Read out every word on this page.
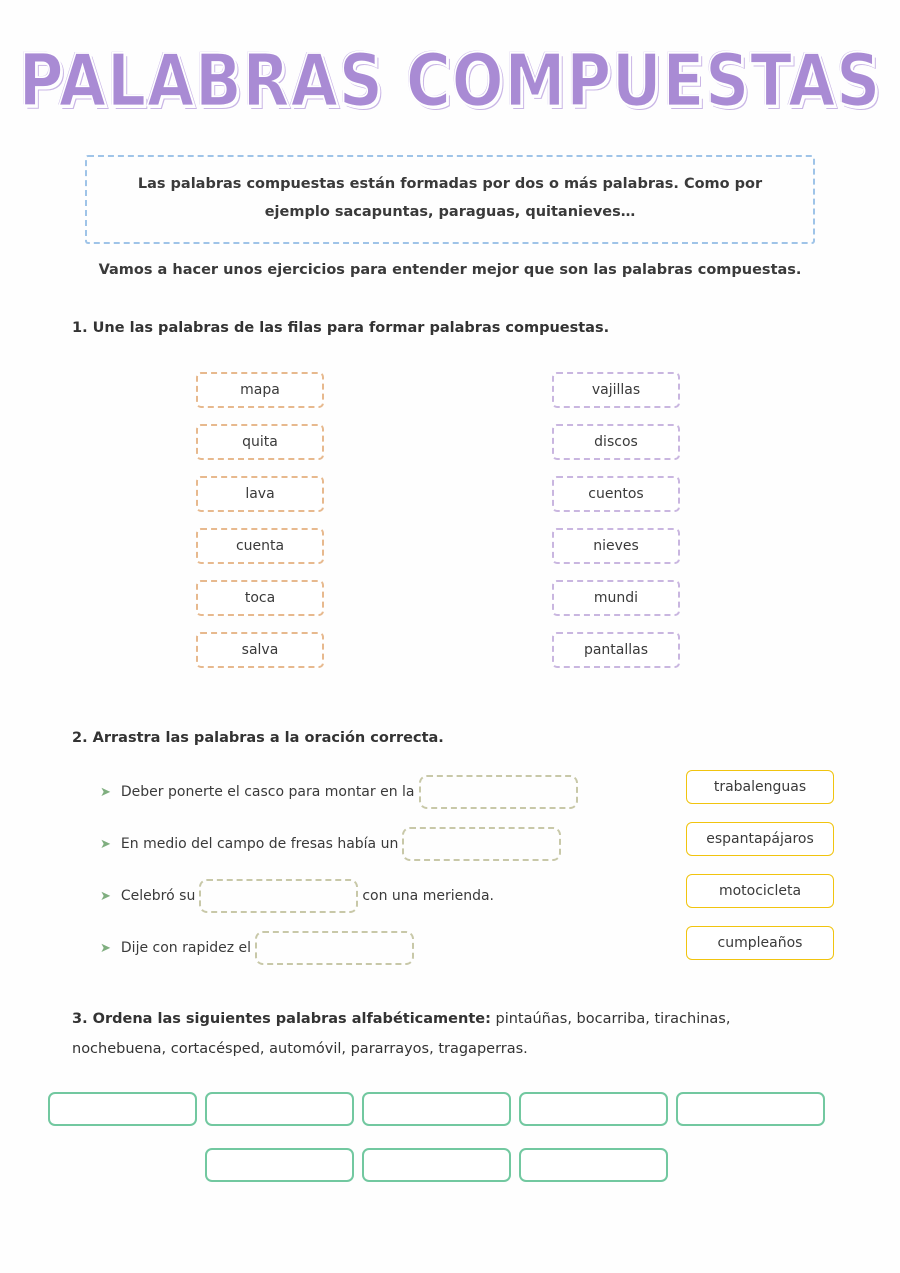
PALABRAS COMPUESTAS
Las palabras compuestas están formadas por dos o más palabras. Como por ejemplo sacapuntas, paraguas, quitanieves…
Vamos a hacer unos ejercicios para entender mejor que son las palabras compuestas.
1. Une las palabras de las filas para formar palabras compuestas.
mapa
quita
lava
cuenta
toca
salva
vajillas
discos
cuentos
nieves
mundi
pantallas
2. Arrastra las palabras a la oración correcta.
➤ Deber ponerte el casco para montar en la
➤ En medio del campo de fresas había un
➤ Celebró su	con una merienda.
➤ Dije con rapidez el
trabalenguas
espantapájaros
motocicleta
cumpleaños
3. Ordena las siguientes palabras alfabéticamente: pintaúñas, bocarriba, tirachinas,
nochebuena, cortacésped, automóvil, pararrayos, tragaperras.
